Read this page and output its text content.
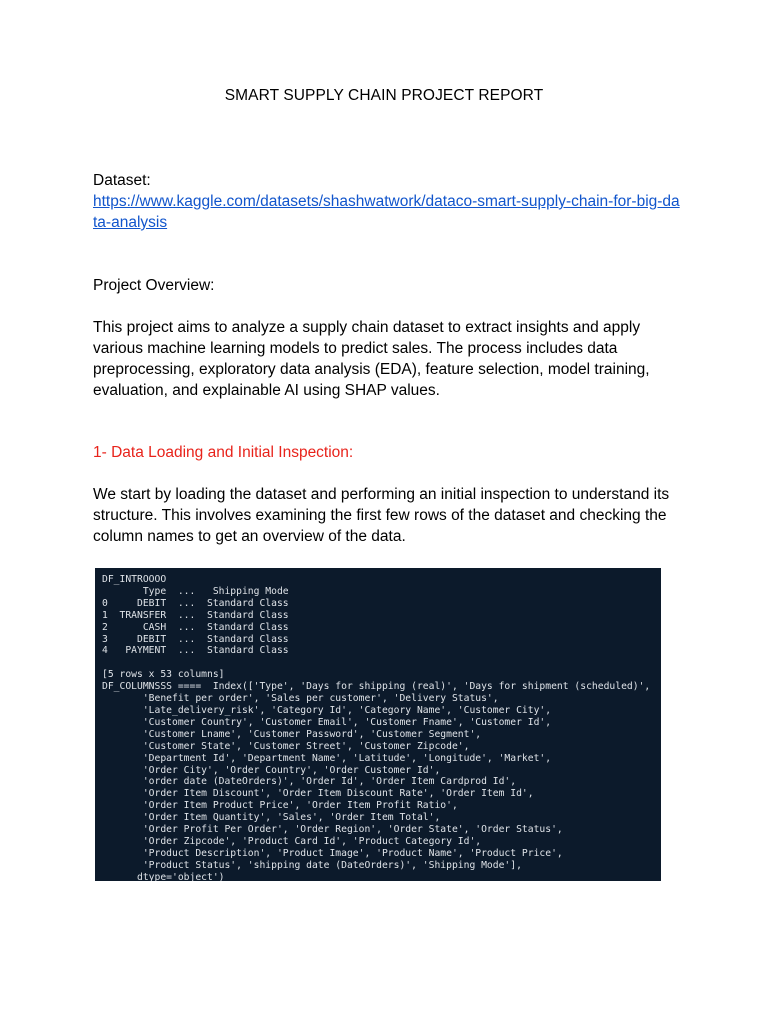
SMART SUPPLY CHAIN PROJECT REPORT
Dataset:
https://www.kaggle.com/datasets/shashwatwork/dataco-smart-supply-chain-for-big-data-analysis
Project Overview:
This project aims to analyze a supply chain dataset to extract insights and apply various machine learning models to predict sales. The process includes data preprocessing, exploratory data analysis (EDA), feature selection, model training, evaluation, and explainable AI using SHAP values.
1- Data Loading and Initial Inspection:
We start by loading the dataset and performing an initial inspection to understand its structure. This involves examining the first few rows of the dataset and checking the column names to get an overview of the data.
DF_INTROOOO
Type  ...   Shipping Mode
0     DEBIT  ...  Standard Class
1  TRANSFER  ...  Standard Class
2      CASH  ...  Standard Class
3     DEBIT  ...  Standard Class
4   PAYMENT  ...  Standard Class

[5 rows x 53 columns]
DF_COLUMNSSS ====  Index(['Type', 'Days for shipping (real)', 'Days for shipment (scheduled)',
'Benefit per order', 'Sales per customer', 'Delivery Status',
'Late_delivery_risk', 'Category Id', 'Category Name', 'Customer City',
'Customer Country', 'Customer Email', 'Customer Fname', 'Customer Id',
'Customer Lname', 'Customer Password', 'Customer Segment',
'Customer State', 'Customer Street', 'Customer Zipcode',
'Department Id', 'Department Name', 'Latitude', 'Longitude', 'Market',
'Order City', 'Order Country', 'Order Customer Id',
'order date (DateOrders)', 'Order Id', 'Order Item Cardprod Id',
'Order Item Discount', 'Order Item Discount Rate', 'Order Item Id',
'Order Item Product Price', 'Order Item Profit Ratio',
'Order Item Quantity', 'Sales', 'Order Item Total',
'Order Profit Per Order', 'Order Region', 'Order State', 'Order Status',
'Order Zipcode', 'Product Card Id', 'Product Category Id',
'Product Description', 'Product Image', 'Product Name', 'Product Price',
'Product Status', 'shipping date (DateOrders)', 'Shipping Mode'],
dtype='object')
